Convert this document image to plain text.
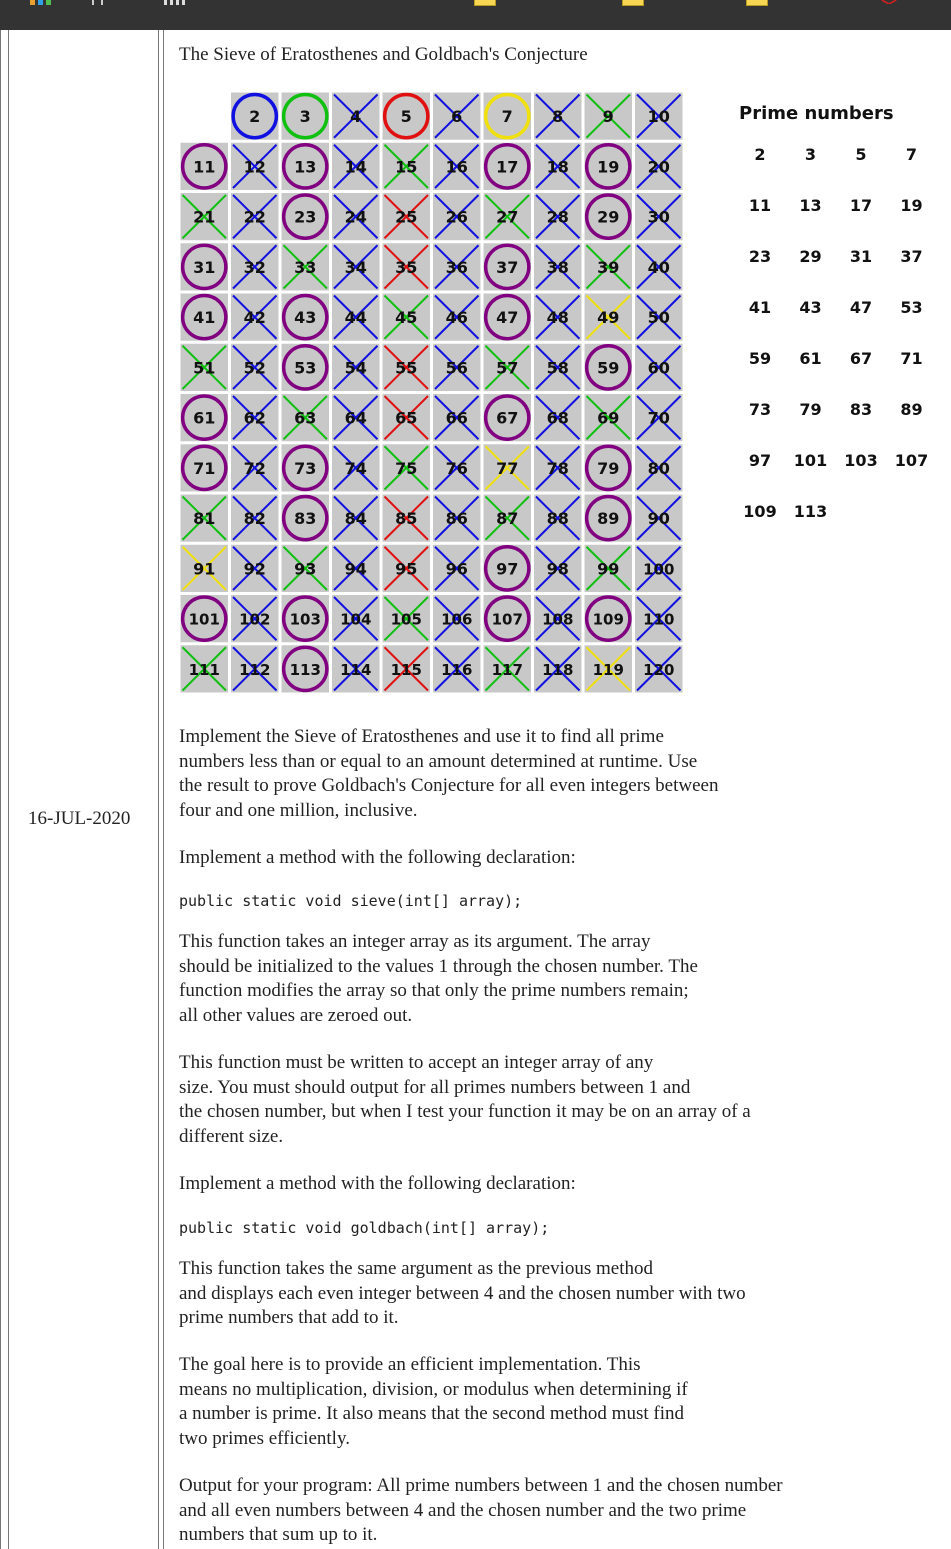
16-JUL-2020
The Sieve of Eratosthenes and Goldbach's Conjecture
2 3 4 5 6 7 8 9 10
11 12 13 14 15 16 17 18 19 20
21 22 23 24 25 26 27 28 29 30
31 32 33 34 35 36 37 38 39 40
41 42 43 44 45 46 47 48 49 50
51 52 53 54 55 56 57 58 59 60
61 62 63 64 65 66 67 68 69 70
71 72 73 74 75 76 77 78 79 80
81 82 83 84 85 86 87 88 89 90
91 92 93 94 95 96 97 98 99 100
101 102 103 104 105 106 107 108 109 110
111 112 113 114 115 116 117 118 119 120
Prime numbers
2	3	5	7
11	13	17	19
23	29	31	37
41	43	47	53
59	61	67	71
73	79	83	89
97	101	103	107
109	113
Implement the Sieve of Eratosthenes and use it to find all prime
numbers less than or equal to an amount determined at runtime. Use
the result to prove Goldbach's Conjecture for all even integers between
four and one million, inclusive.
Implement a method with the following declaration:
public static void sieve(int[] array);
This function takes an integer array as its argument. The array
should be initialized to the values 1 through the chosen number. The
function modifies the array so that only the prime numbers remain;
all other values are zeroed out.
This function must be written to accept an integer array of any
size. You must should output for all primes numbers between 1 and
the chosen number, but when I test your function it may be on an array of a
different size.
Implement a method with the following declaration:
public static void goldbach(int[] array);
This function takes the same argument as the previous method
and displays each even integer between 4 and the chosen number with two
prime numbers that add to it.
The goal here is to provide an efficient implementation. This
means no multiplication, division, or modulus when determining if
a number is prime. It also means that the second method must find
two primes efficiently.
Output for your program: All prime numbers between 1 and the chosen number
and all even numbers between 4 and the chosen number and the two prime
numbers that sum up to it.
